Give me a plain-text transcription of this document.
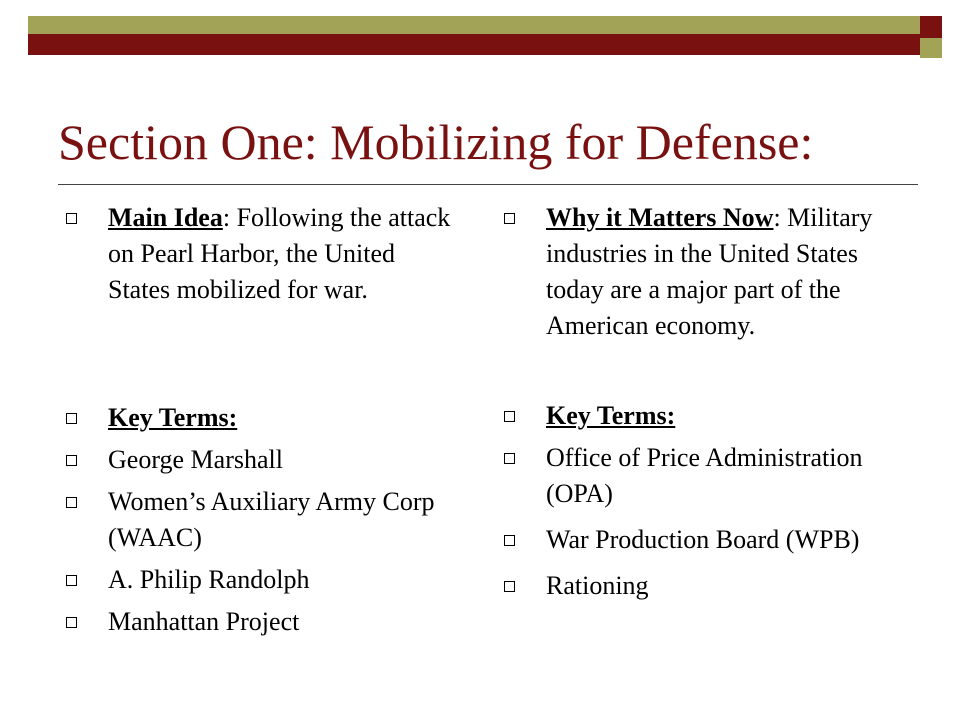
Section One: Mobilizing for Defense:
Main Idea: Following the attack on Pearl Harbor, the United States mobilized for war.
Key Terms:
George Marshall
Women’s Auxiliary Army Corp (WAAC)
A. Philip Randolph
Manhattan Project
Why it Matters Now: Military industries in the United States today are a major part of the American economy.
Key Terms:
Office of Price Administration (OPA)
War Production Board (WPB)
Rationing
